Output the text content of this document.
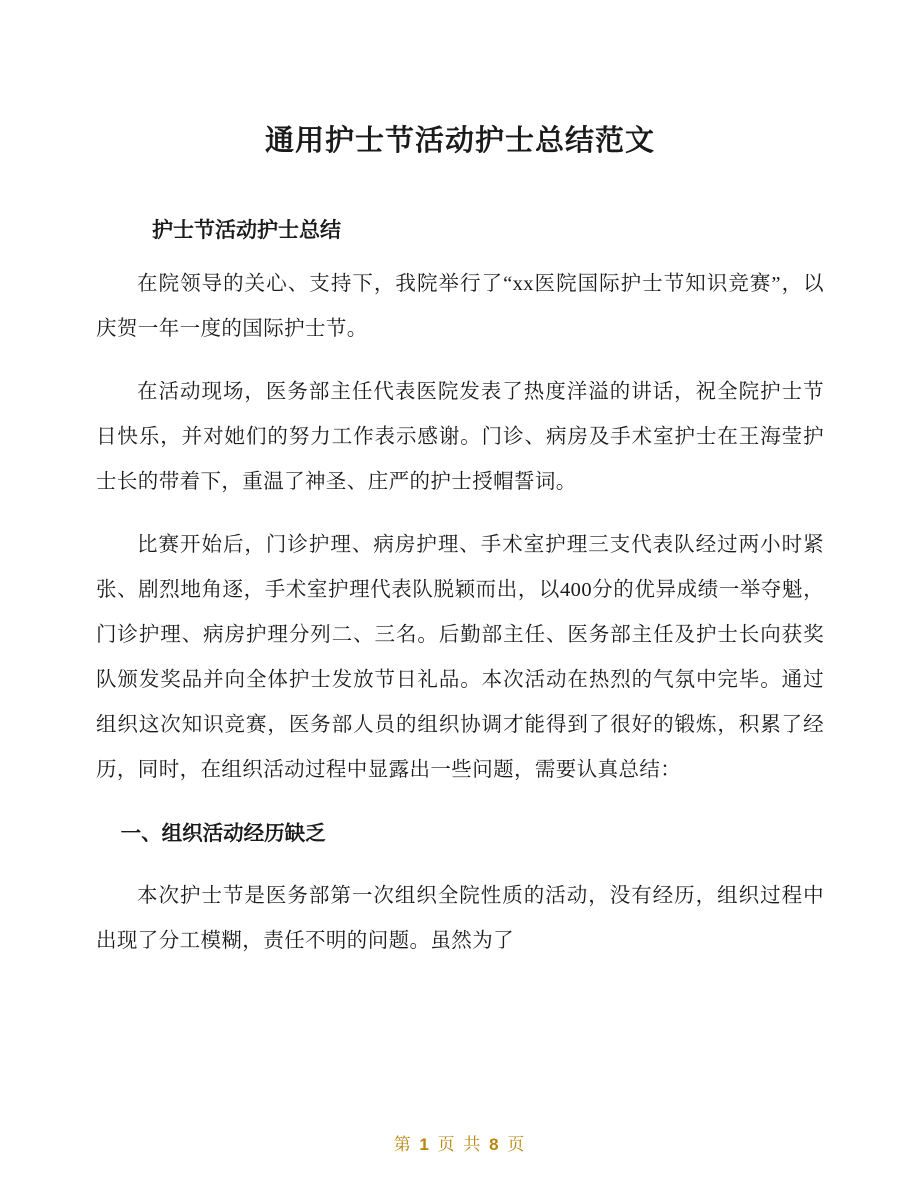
通用护士节活动护士总结范文
护士节活动护士总结

在院领导的关心、支持下，我院举行了“xx医院国际护士节知识竞赛”，以庆贺一年一度的国际护士节。

在活动现场，医务部主任代表医院发表了热度洋溢的讲话，祝全院护士节日快乐，并对她们的努力工作表示感谢。门诊、病房及手术室护士在王海莹护士长的带着下，重温了神圣、庄严的护士授帽誓词。

比赛开始后，门诊护理、病房护理、手术室护理三支代表队经过两小时紧张、剧烈地角逐，手术室护理代表队脱颖而出，以400分的优异成绩一举夺魁，门诊护理、病房护理分列二、三名。后勤部主任、医务部主任及护士长向获奖队颁发奖品并向全体护士发放节日礼品。本次活动在热烈的气氛中完毕。通过组织这次知识竞赛，医务部人员的组织协调才能得到了很好的锻炼，积累了经历，同时，在组织活动过程中显露出一些问题，需要认真总结：

一、组织活动经历缺乏

本次护士节是医务部第一次组织全院性质的活动，没有经历，组织过程中出现了分工模糊，责任不明的问题。虽然为了

第 1 页 共 8 页
